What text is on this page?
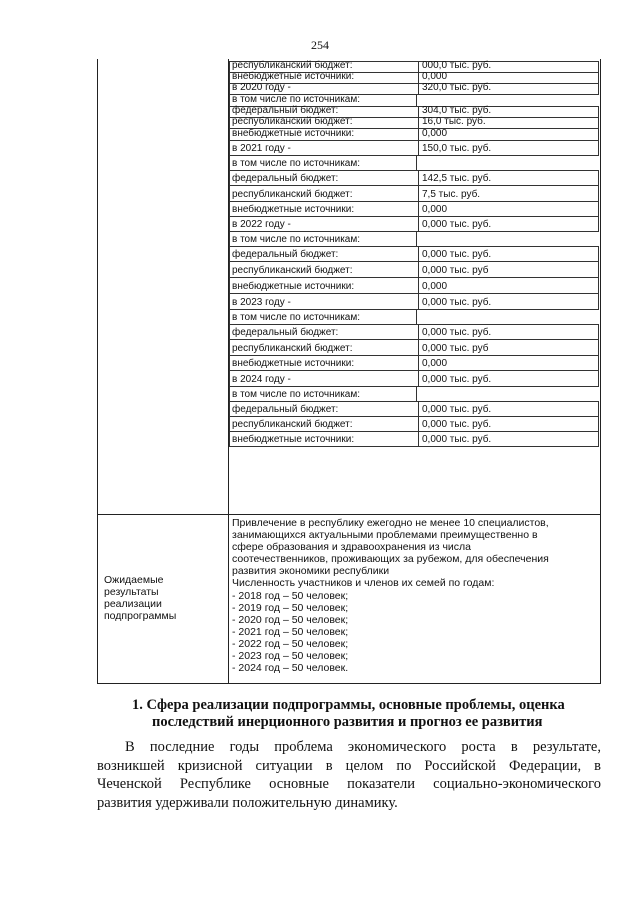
254
республиканский бюджет:	000,0 тыс. руб.
внебюджетные источники:	0,000
в 2020 году -	320,0 тыс. руб.
в том числе по источникам:
федеральный бюджет:	304,0 тыс. руб.
республиканский бюджет:	16,0 тыс. руб.
внебюджетные источники:	0,000
в 2021 году -	150,0 тыс. руб.
в том числе по источникам:
федеральный бюджет:	142,5 тыс. руб.
республиканский бюджет:	7,5 тыс. руб.
внебюджетные источники:	0,000
в 2022 году -	0,000 тыс. руб.
в том числе по источникам:
федеральный бюджет:	0,000 тыс. руб.
республиканский бюджет:	0,000 тыс. руб
внебюджетные источники:	0,000
в 2023 году -	0,000 тыс. руб.
в том числе по источникам:
федеральный бюджет:	0,000 тыс. руб.
республиканский бюджет:	0,000 тыс. руб
внебюджетные источники:	0,000
в 2024 году -	0,000 тыс. руб.
в том числе по источникам:
федеральный бюджет:	0,000 тыс. руб.
республиканский бюджет:	0,000 тыс. руб.
внебюджетные источники:	0,000 тыс. руб.
Ожидаемые
результаты
реализации
подпрограммы
Привлечение в республику ежегодно не менее 10 специалистов,
занимающихся актуальными проблемами преимущественно в
сфере образования и здравоохранения из числа
соотечественников, проживающих за рубежом, для обеспечения
развития экономики республики
Численность участников и членов их семей по годам:
- 2018 год – 50 человек;
- 2019 год – 50 человек;
- 2020 год – 50 человек;
- 2021 год – 50 человек;
- 2022 год – 50 человек;
- 2023 год – 50 человек;
- 2024 год – 50 человек.
1. Сфера реализации подпрограммы, основные проблемы, оценка
последствий инерционного развития и прогноз ее развития
В последние годы проблема экономического роста в результате,
возникшей кризисной ситуации в целом по Российской Федерации, в
Чеченской Республике основные показатели социально-экономического
развития удерживали положительную динамику.
